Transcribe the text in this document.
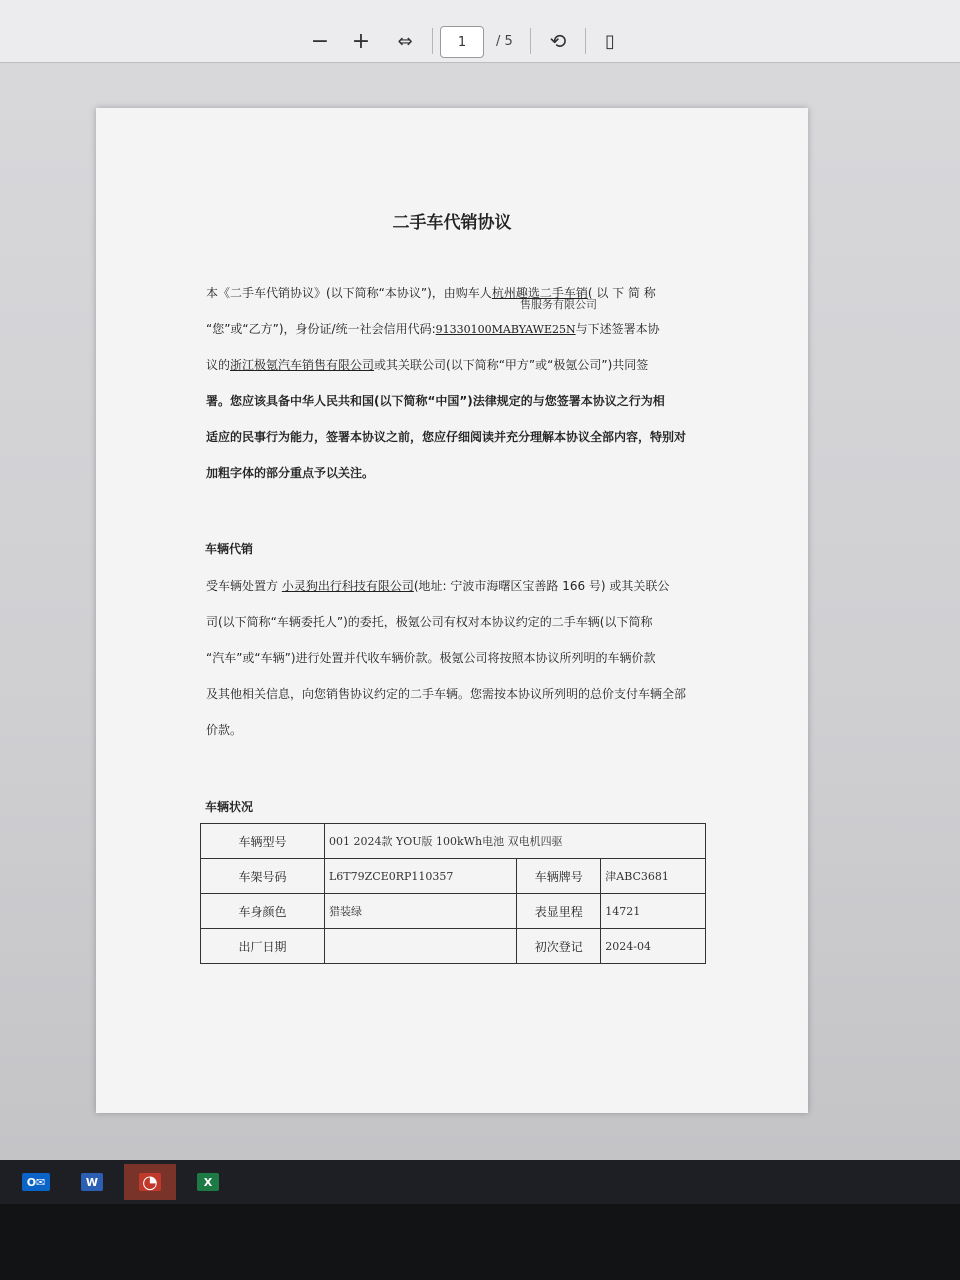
− +	⇔
1	/ 5	⟲	▯
二手车代销协议
本《二手车代销协议》(以下简称“本协议”)，由购车人杭州趣选二手车销( 以 下 简 称
售服务有限公司
“您”或“乙方”)，身份证/统一社会信用代码:91330100MABYAWE25N与下述签署本协
议的浙江极氪汽车销售有限公司或其关联公司(以下简称“甲方”或“极氪公司”)共同签
署。您应该具备中华人民共和国(以下简称“中国”)法律规定的与您签署本协议之行为相
适应的民事行为能力，签署本协议之前，您应仔细阅读并充分理解本协议全部内容，特别对
加粗字体的部分重点予以关注。
车辆代销
受车辆处置方 小灵狗出行科技有限公司(地址: 宁波市海曙区宝善路 166 号) 或其关联公
司(以下简称“车辆委托人”)的委托，极氪公司有权对本协议约定的二手车辆(以下简称
“汽车”或“车辆”)进行处置并代收车辆价款。极氪公司将按照本协议所列明的车辆价款
及其他相关信息，向您销售协议约定的二手车辆。您需按本协议所列明的总价支付车辆全部
价款。
车辆状况
车辆型号	001 2024款 YOU版 100kWh电池 双电机四驱		
车架号码	L6T79ZCE0RP110357	车辆牌号	津ABC3681
车身颜色	猎装绿	表显里程	14721
出厂日期		初次登记	2024-04
O✉	W ◔	X
